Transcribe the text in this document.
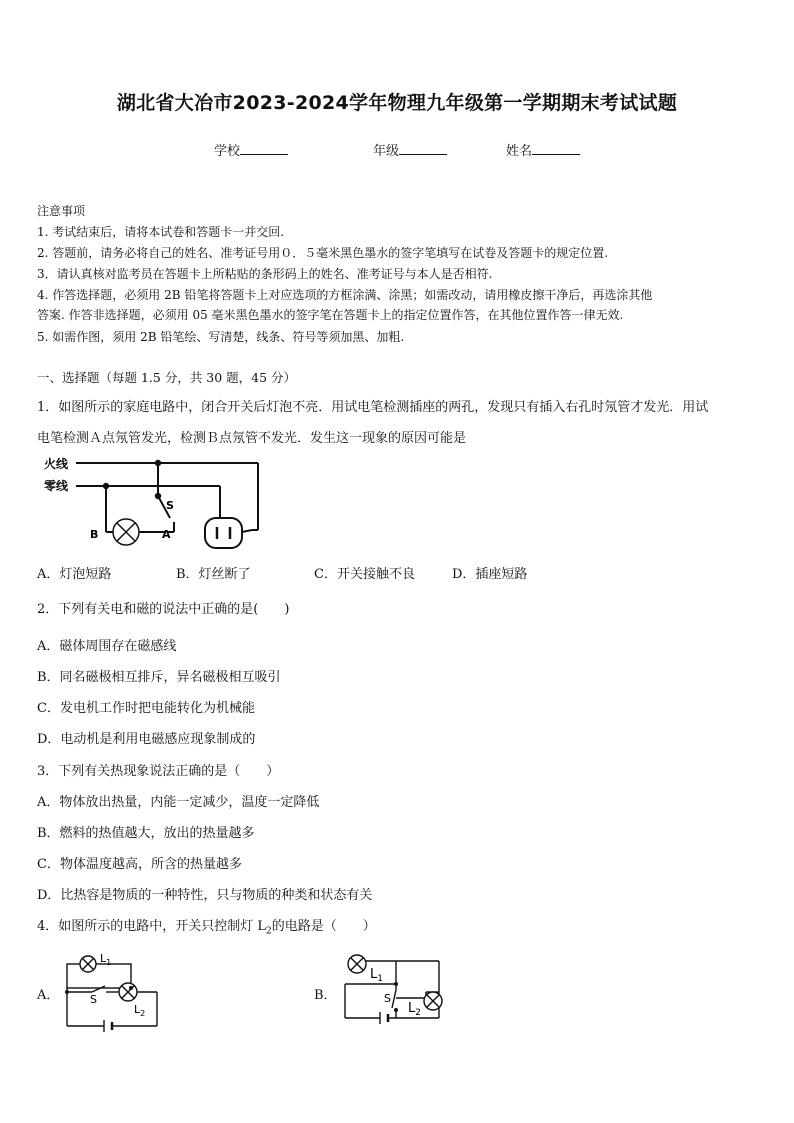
湖北省大冶市2023-2024学年物理九年级第一学期期末考试试题
学校	年级	姓名
注意事项
1. 考试结束后，请将本试卷和答题卡一并交回.
2. 答题前，请务必将自己的姓名、准考证号用０．５毫米黑色墨水的签字笔填写在试卷及答题卡的规定位置.
3．请认真核对监考员在答题卡上所粘贴的条形码上的姓名、准考证号与本人是否相符.
4. 作答选择题，必须用 2B 铅笔将答题卡上对应选项的方框涂满、涂黑；如需改动，请用橡皮擦干净后，再选涂其他
答案. 作答非选择题，必须用 05 毫米黑色墨水的签字笔在答题卡上的指定位置作答，在其他位置作答一律无效.
5. 如需作图，须用 2B 铅笔绘、写清楚，线条、符号等须加黑、加粗.
一、选择题（每题 1.5 分，共 30 题，45 分）
1．如图所示的家庭电路中，闭合开关后灯泡不亮．用试电笔检测插座的两孔，发现只有插入右孔时氖管才发光．用试
电笔检测Ａ点氖管发光，检测Ｂ点氖管不发光．发生这一现象的原因可能是
火线
零线
S
B	A
A．灯泡短路	B．灯丝断了	C．开关接触不良	D．插座短路
2．下列有关电和磁的说法中正确的是(　　)
A．磁体周围存在磁感线
B．同名磁极相互排斥，异名磁极相互吸引
C．发电机工作时把电能转化为机械能
D．电动机是利用电磁感应现象制成的
3．下列有关热现象说法正确的是（　　）
A．物体放出热量，内能一定减少，温度一定降低
B．燃料的热值越大，放出的热量越多
C．物体温度越高，所含的热量越多
D．比热容是物质的一种特性，只与物质的种类和状态有关
4．如图所示的电路中，开关只控制灯 $L_2$的电路是（　　）
A．
$L_1$
S
$L_2$
B．
$L_1$
S
$L_2$
